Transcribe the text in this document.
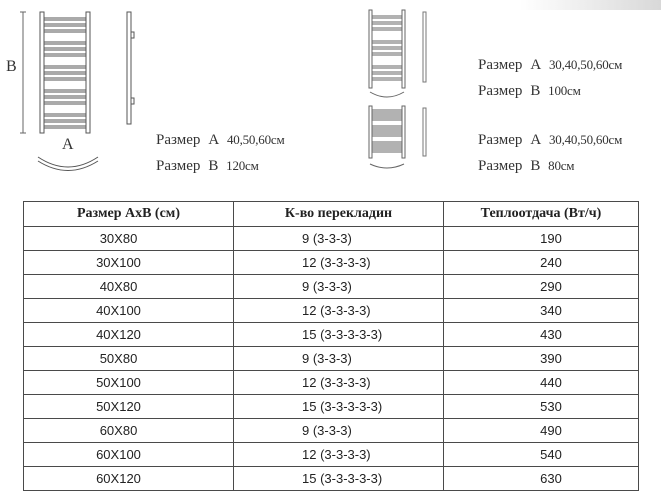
B
A	Размер A 40,50,60см
Размер B 120см
Размер A 30,40,50,60см
Размер B 100см
Размер A 30,40,50,60см
Размер B 80см
Размер AxB (см)	К-во перекладин	Теплоотдача (Вт/ч)
30X80	9 (3-3-3)	190
30X100	12 (3-3-3-3)	240
40X80	9 (3-3-3)	290
40X100	12 (3-3-3-3)	340
40X120	15 (3-3-3-3-3)	430
50X80	9 (3-3-3)	390
50X100	12 (3-3-3-3)	440
50X120	15 (3-3-3-3-3)	530
60X80	9 (3-3-3)	490
60X100	12 (3-3-3-3)	540
60X120	15 (3-3-3-3-3)	630
